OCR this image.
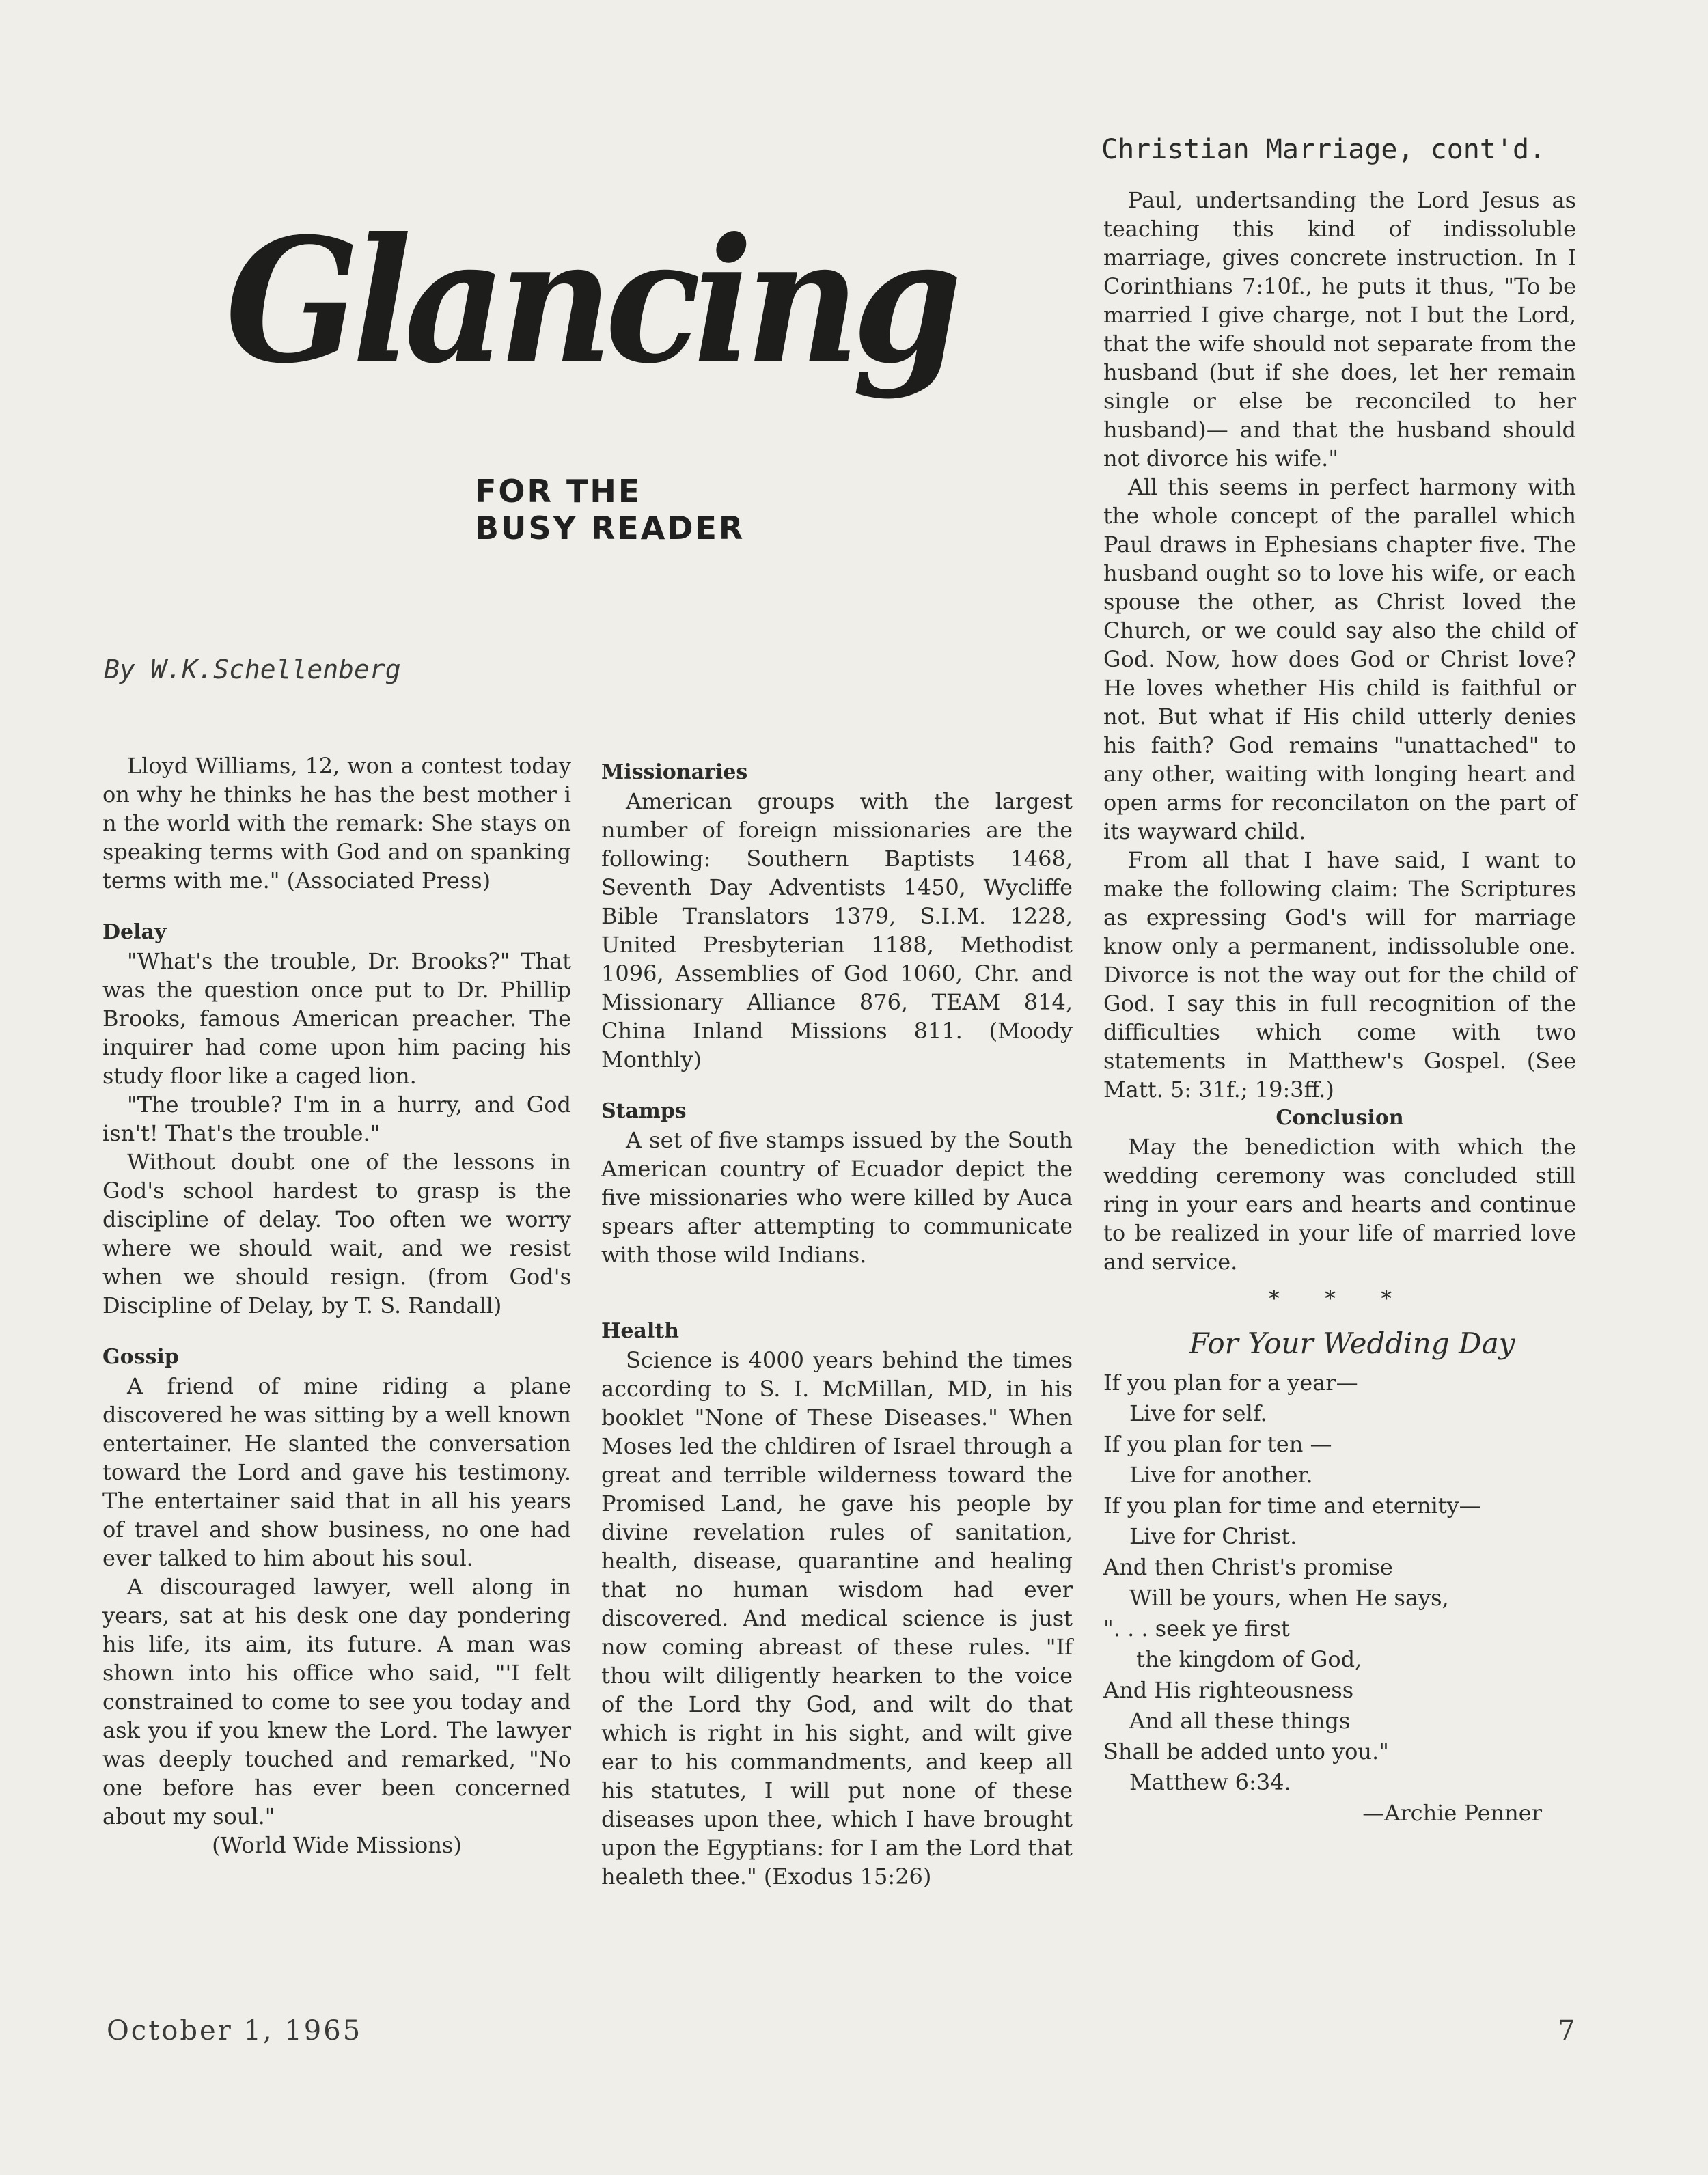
Glancing
FOR THE
BUSY READER
By W.K.Schellenberg

Lloyd Williams, 12, won a contest today on why he thinks he has the best mother i n the world with the remark: She stays on speaking terms with God and on spanking terms with me." (Associated Press)

Delay

"What's the trouble, Dr. Brooks?" That was the question once put to Dr. Phillip Brooks, famous American preacher. The inquirer had come upon him pacing his study floor like a caged lion.

"The trouble? I'm in a hurry, and God isn't! That's the trouble."

Without doubt one of the lessons in God's school hardest to grasp is the discipline of delay. Too often we worry where we should wait, and we resist when we should resign. (from God's Discipline of Delay, by T. S. Randall)

Gossip

A friend of mine riding a plane discovered he was sitting by a well known entertainer. He slanted the conversation toward the Lord and gave his testimony. The entertainer said that in all his years of travel and show business, no one had ever talked to him about his soul.

A discouraged lawyer, well along in years, sat at his desk one day pondering his life, its aim, its future. A man was shown into his office who said, "'I felt constrained to come to see you today and ask you if you knew the Lord. The lawyer was deeply touched and remarked, "No one before has ever been concerned about my soul."

(World Wide Missions)

Missionaries

American groups with the largest number of foreign missionaries are the following: Southern Baptists 1468, Seventh Day Adventists 1450, Wycliffe Bible Translators 1379, S.I.M. 1228, United Presbyterian 1188, Methodist 1096, Assemblies of God 1060, Chr. and Missionary Alliance 876, TEAM 814, China Inland Missions 811. (Moody Monthly)

Stamps

A set of five stamps issued by the South American country of Ecuador depict the five missionaries who were killed by Auca spears after attempting to communicate with those wild Indians.

Health

Science is 4000 years behind the times according to S. I. McMillan, MD, in his booklet "None of These Diseases." When Moses led the chldiren of Israel through a great and terrible wilderness toward the Promised Land, he gave his people by divine revelation rules of sanitation, health, disease, quarantine and healing that no human wisdom had ever discovered. And medical science is just now coming abreast of these rules. "If thou wilt diligently hearken to the voice of the Lord thy God, and wilt do that which is right in his sight, and wilt give ear to his commandments, and keep all his statutes, I will put none of these diseases upon thee, which I have brought upon the Egyptians: for I am the Lord that healeth thee." (Exodus 15:26)

Christian Marriage, cont'd.

Paul, undertsanding the Lord Jesus as teaching this kind of indissoluble marriage, gives concrete instruction. In I Corinthians 7:10f., he puts it thus, "To be married I give charge, not I but the Lord, that the wife should not separate from the husband (but if she does, let her remain single or else be reconciled to her husband)— and that the husband should not divorce his wife."

All this seems in perfect harmony with the whole concept of the parallel which Paul draws in Ephesians chapter five. The husband ought so to love his wife, or each spouse the other, as Christ loved the Church, or we could say also the child of God. Now, how does God or Christ love? He loves whether His child is faithful or not. But what if His child utterly denies his faith? God remains "unattached" to any other, waiting with longing heart and open arms for reconcilaton on the part of its wayward child.

From all that I have said, I want to make the following claim: The Scriptures as expressing God's will for marriage know only a permanent, indissoluble one. Divorce is not the way out for the child of God. I say this in full recognition of the difficulties which come with two statements in Matthew's Gospel. (See Matt. 5: 31f.; 19:3ff.)

Conclusion

May the benediction with which the wedding ceremony was concluded still ring in your ears and hearts and continue to be realized in your life of married love and service.

* * *

For Your Wedding Day

If you plan for a year—

Live for self.

If you plan for ten —

Live for another.

If you plan for time and eternity—

Live for Christ.

And then Christ's promise

Will be yours, when He says,

". . . seek ye first

the kingdom of God,

And His righteousness

And all these things

Shall be added unto you."

Matthew 6:34.

—Archie Penner

October 1, 1965	7
